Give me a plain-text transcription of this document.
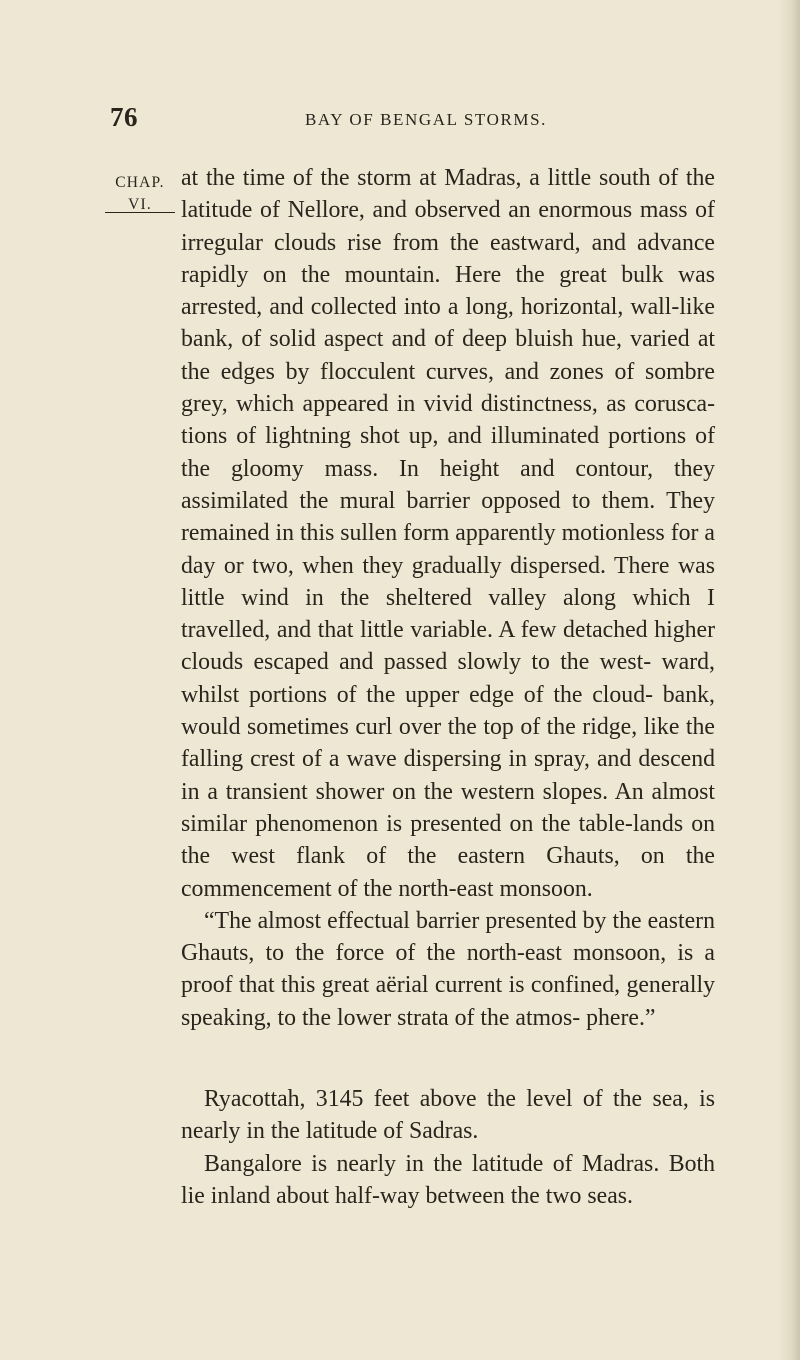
76	BAY OF BENGAL STORMS.
CHAP.
VI.

at the time of the storm at Madras, a little south of the latitude of Nellore, and observed an enormous mass of irregular clouds rise from the eastward, and advance rapidly on the mountain. Here the great bulk was arrested, and collected into a long, horizontal, wall-like bank, of solid aspect and of deep bluish hue, varied at the edges by flocculent curves, and zones of sombre grey, which appeared in vivid distinctness, as corusca- tions of lightning shot up, and illuminated portions of the gloomy mass. In height and contour, they assimilated the mural barrier opposed to them. They remained in this sullen form apparently motionless for a day or two, when they gradually dispersed. There was little wind in the sheltered valley along which I travelled, and that little variable. A few detached higher clouds escaped and passed slowly to the west- ward, whilst portions of the upper edge of the cloud- bank, would sometimes curl over the top of the ridge, like the falling crest of a wave dispersing in spray, and descend in a transient shower on the western slopes. An almost similar phenomenon is presented on the table-lands on the west flank of the eastern Ghauts, on the commencement of the north-east monsoon.

“The almost effectual barrier presented by the eastern Ghauts, to the force of the north-east monsoon, is a proof that this great aërial current is confined, generally speaking, to the lower strata of the atmos- phere.”

Ryacottah, 3145 feet above the level of the sea, is nearly in the latitude of Sadras.

Bangalore is nearly in the latitude of Madras. Both lie inland about half-way between the two seas.
